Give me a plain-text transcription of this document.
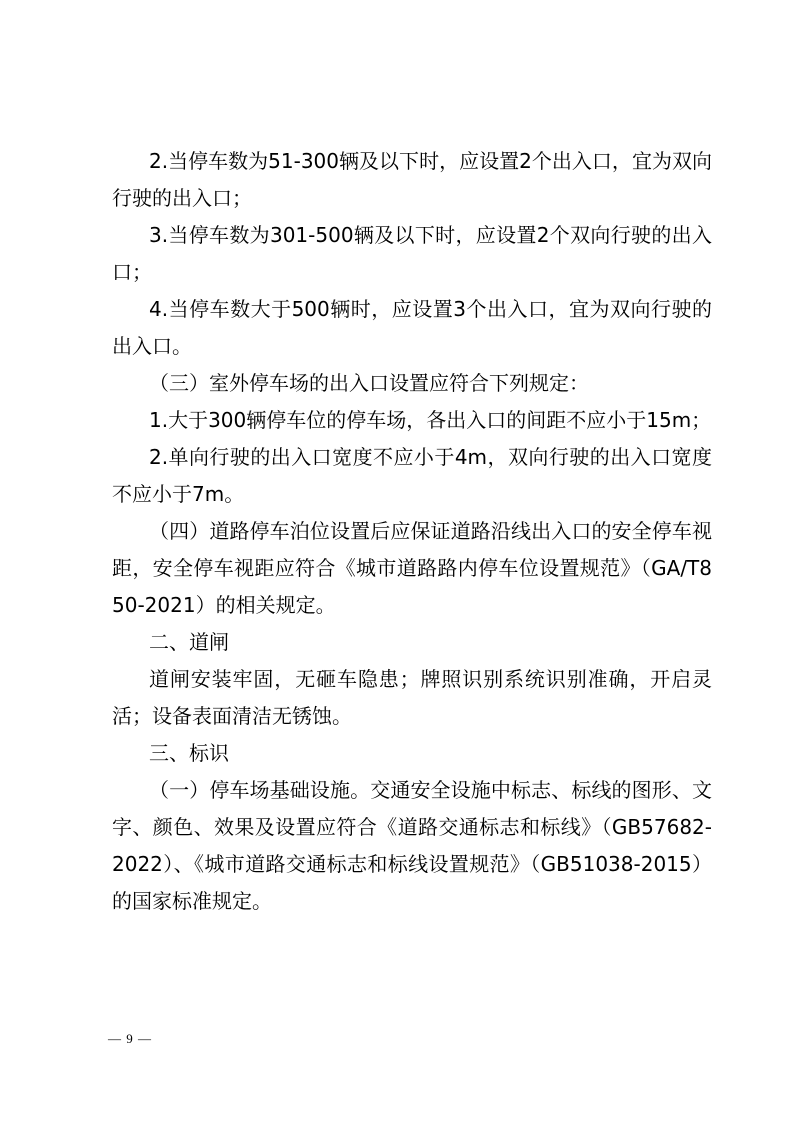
2.当停车数为51-300辆及以下时，应设置2个出入口，宜为双向行驶的出入口；

3.当停车数为301-500辆及以下时，应设置2个双向行驶的出入口；

4.当停车数大于500辆时，应设置3个出入口，宜为双向行驶的出入口。

（三）室外停车场的出入口设置应符合下列规定：

1.大于300辆停车位的停车场，各出入口的间距不应小于15m；

2.单向行驶的出入口宽度不应小于4m，双向行驶的出入口宽度不应小于7m。

（四）道路停车泊位设置后应保证道路沿线出入口的安全停车视距，安全停车视距应符合《城市道路路内停车位设置规范》（GA/T850-2021）的相关规定。

二、道闸

道闸安装牢固，无砸车隐患；牌照识别系统识别准确，开启灵活；设备表面清洁无锈蚀。

三、标识

（一）停车场基础设施。交通安全设施中标志、标线的图形、文字、颜色、效果及设置应符合《道路交通标志和标线》（GB57682-2022）、《城市道路交通标志和标线设置规范》（GB51038-2015）的国家标准规定。

— 9 —
